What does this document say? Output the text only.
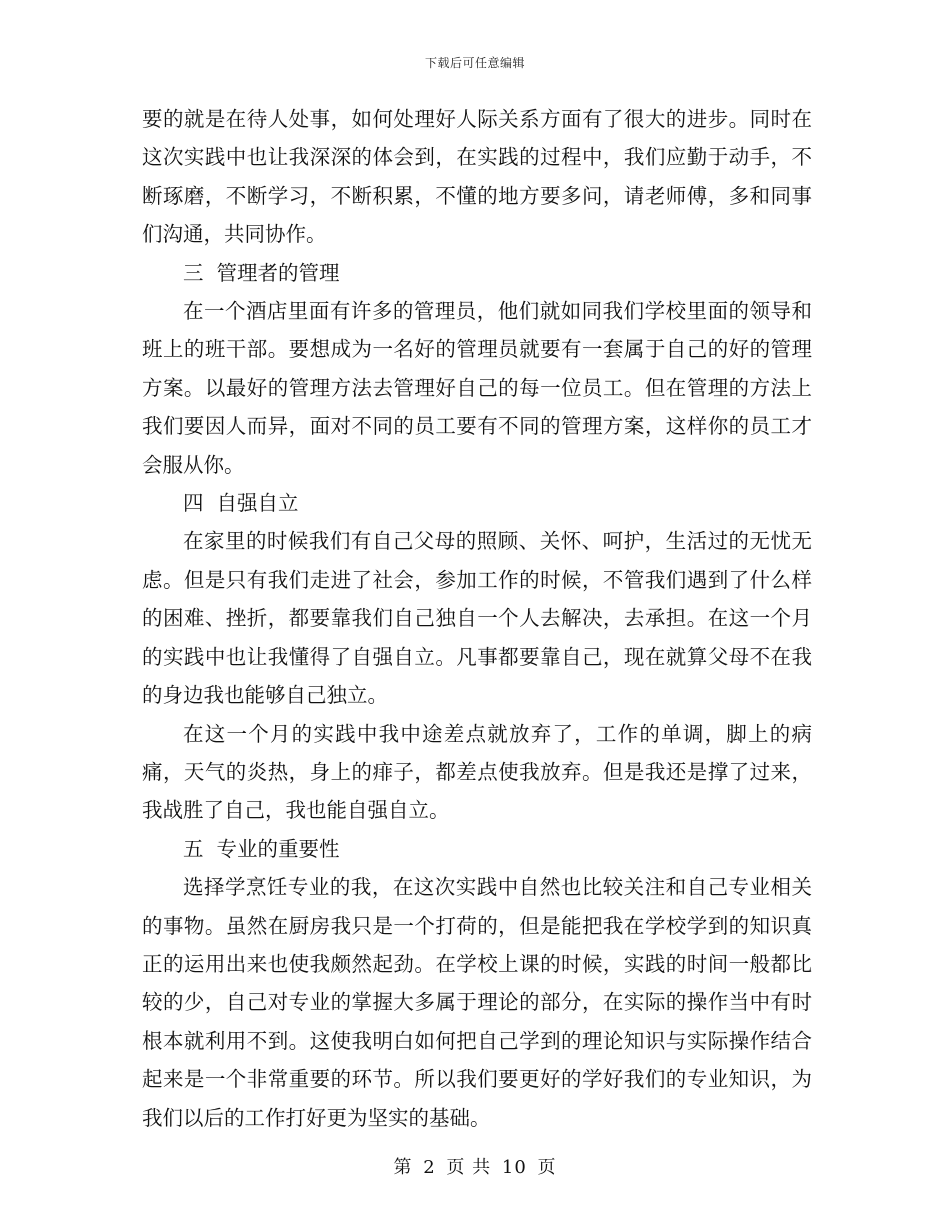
下载后可任意编辑

要的就是在待人处事，如何处理好人际关系方面有了很大的进步。同时在这次实践中也让我深深的体会到，在实践的过程中，我们应勤于动手，不断琢磨，不断学习，不断积累，不懂的地方要多问，请老师傅，多和同事们沟通，共同协作。

三  管理者的管理

在一个酒店里面有许多的管理员，他们就如同我们学校里面的领导和班上的班干部。要想成为一名好的管理员就要有一套属于自己的好的管理方案。以最好的管理方法去管理好自己的每一位员工。但在管理的方法上我们要因人而异，面对不同的员工要有不同的管理方案，这样你的员工才会服从你。

四  自强自立

在家里的时候我们有自己父母的照顾、关怀、呵护，生活过的无忧无虑。但是只有我们走进了社会，参加工作的时候，不管我们遇到了什么样的困难、挫折，都要靠我们自己独自一个人去解决，去承担。在这一个月的实践中也让我懂得了自强自立。凡事都要靠自己，现在就算父母不在我的身边我也能够自己独立。

在这一个月的实践中我中途差点就放弃了，工作的单调，脚上的病痛，天气的炎热，身上的痱子，都差点使我放弃。但是我还是撑了过来，我战胜了自己，我也能自强自立。

五  专业的重要性

选择学烹饪专业的我，在这次实践中自然也比较关注和自己专业相关的事物。虽然在厨房我只是一个打荷的，但是能把我在学校学到的知识真正的运用出来也使我颇然起劲。在学校上课的时候，实践的时间一般都比较的少，自己对专业的掌握大多属于理论的部分，在实际的操作当中有时根本就利用不到。这使我明白如何把自己学到的理论知识与实际操作结合起来是一个非常重要的环节。所以我们要更好的学好我们的专业知识，为我们以后的工作打好更为坚实的基础。

第 2 页 共 10 页
